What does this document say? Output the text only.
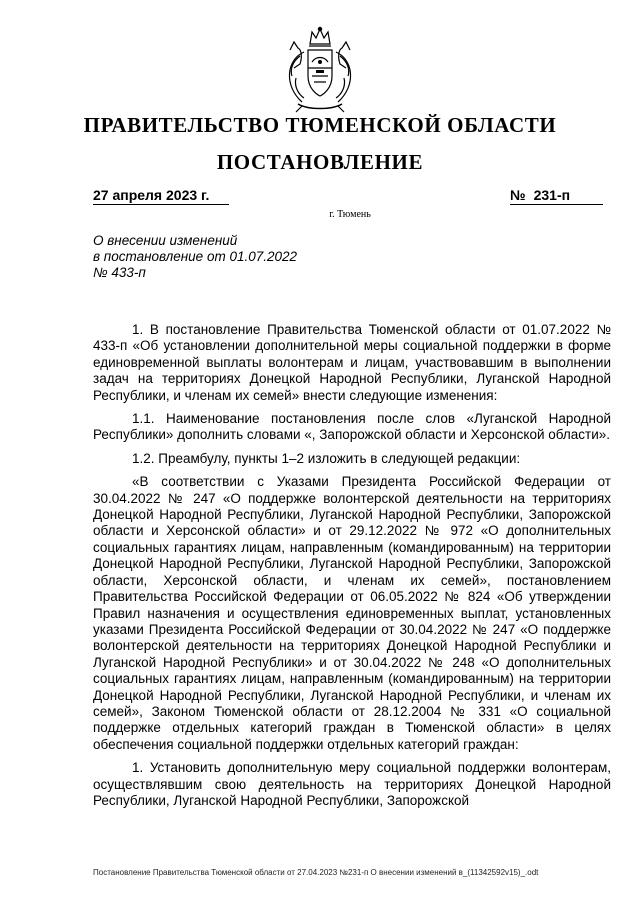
ПРАВИТЕЛЬСТВО ТЮМЕНСКОЙ ОБЛАСТИ
ПОСТАНОВЛЕНИЕ
27 апреля 2023 г.	№ 231-п
г. Тюмень
О внесении изменений
в постановление от 01.07.2022
№ 433-п

1. В постановление Правительства Тюменской области от 01.07.2022 № 433-п «Об установлении дополнительной меры социальной поддержки в форме единовременной выплаты волонтерам и лицам, участвовавшим в выполнении задач на территориях Донецкой Народной Республики, Луганской Народной Республики, и членам их семей» внести следующие изменения:

1.1. Наименование постановления после слов «Луганской Народной Республики» дополнить словами «, Запорожской области и Херсонской области».

1.2. Преамбулу, пункты 1–2 изложить в следующей редакции:

«В соответствии с Указами Президента Российской Федерации от 30.04.2022 № 247 «О поддержке волонтерской деятельности на территориях Донецкой Народной Республики, Луганской Народной Республики, Запорожской области и Херсонской области» и от 29.12.2022 № 972 «О дополнительных социальных гарантиях лицам, направленным (командированным) на территории Донецкой Народной Республики, Луганской Народной Республики, Запорожской области, Херсонской области, и членам их семей», постановлением Правительства Российской Федерации от 06.05.2022 № 824 «Об утверждении Правил назначения и осуществления единовременных выплат, установленных указами Президента Российской Федерации от 30.04.2022 № 247 «О поддержке волонтерской деятельности на территориях Донецкой Народной Республики и Луганской Народной Республики» и от 30.04.2022 № 248 «О дополнительных социальных гарантиях лицам, направленным (командированным) на территории Донецкой Народной Республики, Луганской Народной Республики, и членам их семей», Законом Тюменской области от 28.12.2004 № 331 «О социальной поддержке отдельных категорий граждан в Тюменской области» в целях обеспечения социальной поддержки отдельных категорий граждан:

1. Установить дополнительную меру социальной поддержки волонтерам, осуществлявшим свою деятельность на территориях Донецкой Народной Республики, Луганской Народной Республики, Запорожской

Постановление Правительства Тюменской области от 27.04.2023 №231-п О внесении изменений в_(11342592v15)_.odt
